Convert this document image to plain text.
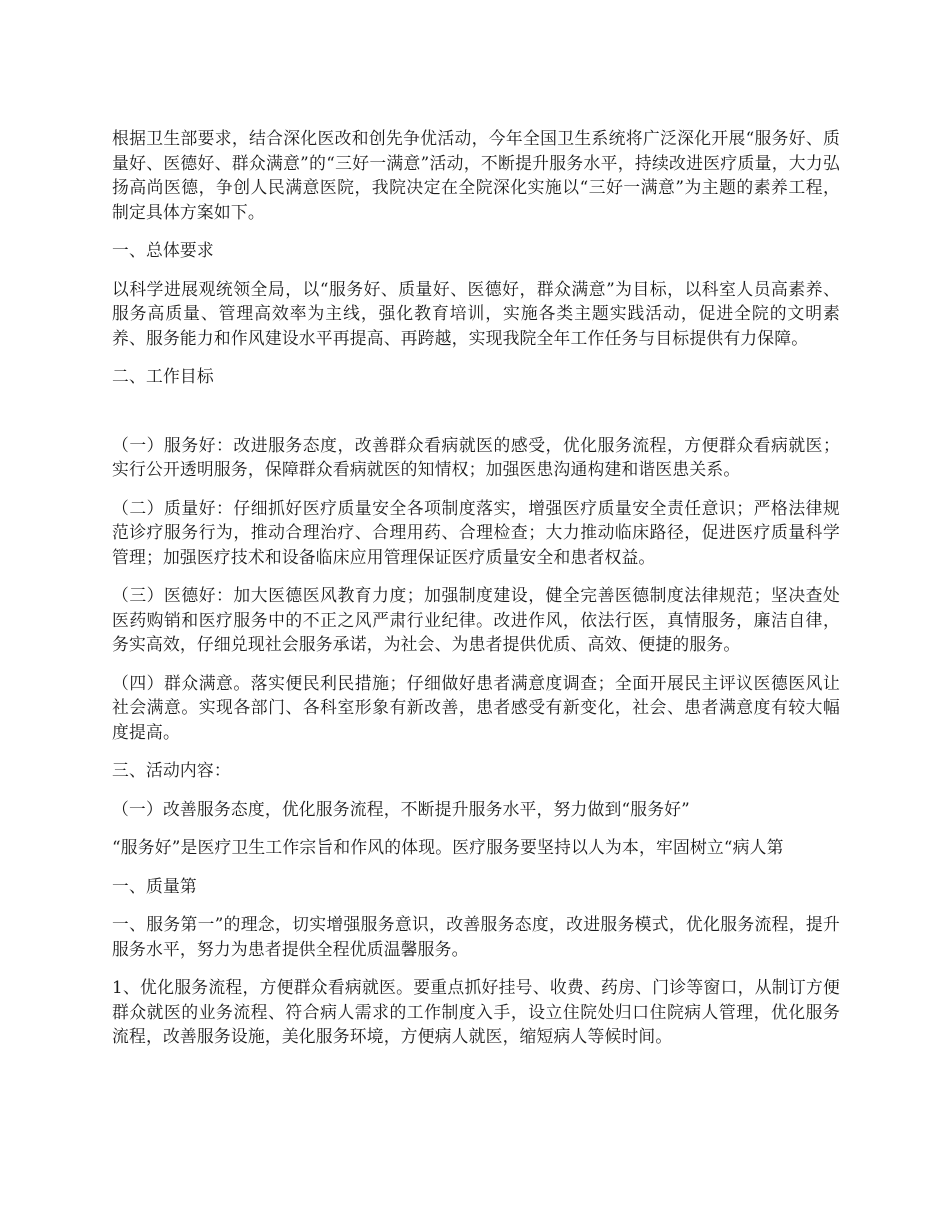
根据卫生部要求，结合深化医改和创先争优活动，今年全国卫生系统将广泛深化开展“服务好、质量好、医德好、群众满意”的“三好一满意”活动，不断提升服务水平，持续改进医疗质量，大力弘扬高尚医德，争创人民满意医院，我院决定在全院深化实施以“三好一满意”为主题的素养工程，制定具体方案如下。

一、总体要求

以科学进展观统领全局，以“服务好、质量好、医德好，群众满意”为目标，以科室人员高素养、服务高质量、管理高效率为主线，强化教育培训，实施各类主题实践活动，促进全院的文明素养、服务能力和作风建设水平再提高、再跨越，实现我院全年工作任务与目标提供有力保障。

二、工作目标

（一）服务好：改进服务态度，改善群众看病就医的感受，优化服务流程，方便群众看病就医；实行公开透明服务，保障群众看病就医的知情权；加强医患沟通构建和谐医患关系。

（二）质量好：仔细抓好医疗质量安全各项制度落实，增强医疗质量安全责任意识；严格法律规范诊疗服务行为，推动合理治疗、合理用药、合理检查；大力推动临床路径，促进医疗质量科学管理；加强医疗技术和设备临床应用管理保证医疗质量安全和患者权益。

（三）医德好：加大医德医风教育力度；加强制度建设，健全完善医德制度法律规范；坚决查处医药购销和医疗服务中的不正之风严肃行业纪律。改进作风，依法行医，真情服务，廉洁自律，务实高效，仔细兑现社会服务承诺，为社会、为患者提供优质、高效、便捷的服务。

（四）群众满意。落实便民利民措施；仔细做好患者满意度调查；全面开展民主评议医德医风让社会满意。实现各部门、各科室形象有新改善，患者感受有新变化，社会、患者满意度有较大幅度提高。

三、活动内容：

（一）改善服务态度，优化服务流程，不断提升服务水平，努力做到“服务好”

“服务好”是医疗卫生工作宗旨和作风的体现。医疗服务要坚持以人为本，牢固树立“病人第

一、质量第

一、服务第一”的理念，切实增强服务意识，改善服务态度，改进服务模式，优化服务流程，提升服务水平，努力为患者提供全程优质温馨服务。

1、优化服务流程，方便群众看病就医。要重点抓好挂号、收费、药房、门诊等窗口，从制订方便群众就医的业务流程、符合病人需求的工作制度入手，设立住院处归口住院病人管理，优化服务流程，改善服务设施，美化服务环境，方便病人就医，缩短病人等候时间。
